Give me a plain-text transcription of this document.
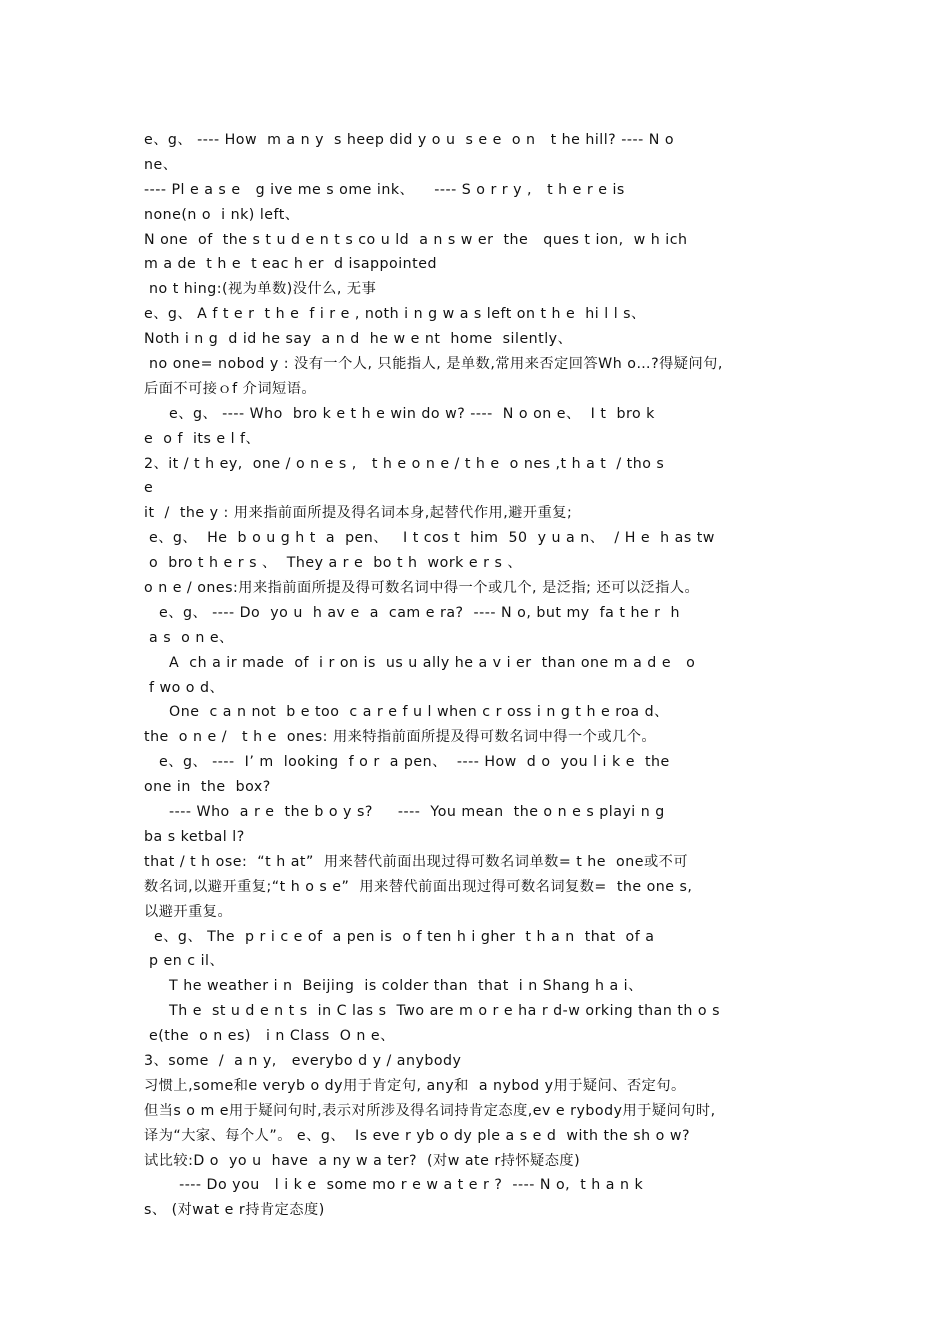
e、g、 ---- How  m a n y  s heep did y o u  s e e  o n   t he hill? ---- N o
ne、
---- Pl e a s e   g ive me s ome ink、    ---- S o r r y ,   t h e r e is
none(n o  i nk) left、
N one  of  the s t u d e n t s co u ld  a n s w er  the   ques t ion,  w h ich
m a de  t h e  t eac h er  d isappointed
no t hing:(视为单数)没什么, 无事
e、g、 A f t e r  t h e  f i r e , noth i n g w a s left on t h e  hi l l s、
Noth i n g  d id he say  a n d  he w e nt  home  silently、
no one= nobod y : 没有一个人, 只能指人, 是单数,常用来否定回答Wh o…?得疑问句,
后面不可接ｏf 介词短语。
e、g、 ---- Who  bro k e t h e win do w? ----  N o on e、  I t  bro k
e  o f  its e l f、
2、it / t h ey,  one / o n e s ,   t h e o n e / t h e  o nes ,t h a t  / tho s
e
it  /  the y : 用来指前面所提及得名词本身,起替代作用,避开重复;
e、g、  He  b o u g h t  a  pen、   I t cos t  him  50  y u a n、  / H e  h as tw
o  bro t h e r s 、  They a r e  bo t h  work e r s 、
o n e / ones:用来指前面所提及得可数名词中得一个或几个, 是泛指; 还可以泛指人。
e、g、 ---- Do  yo u  h av e  a  cam e ra?  ---- N o, but my  fa t he r  h
a s  o n e、
A  ch a ir made  of  i r on is  us u ally he a v i er  than one m a d e   o
f wo o d、
One  c a n not  b e too  c a r e f u l when c r oss i n g t h e roa d、
the  o n e /   t h e  ones: 用来特指前面所提及得可数名词中得一个或几个。
e、g、 ----  I’ m  looking  f o r  a pen、  ---- How  d o  you l i k e  the
one in  the  box?
---- Who  a r e  the b o y s?     ----  You mean  the o n e s playi n g
ba s ketbal l?
that / t h ose:  “t h at”  用来替代前面出现过得可数名词单数= t he  one或不可
数名词,以避开重复;“t h o s e”  用来替代前面出现过得可数名词复数=  the one s,
以避开重复。
e、g、 The  p r i c e of  a pen is  o f ten h i gher  t h a n  that  of a
p en c il、
T he weather i n  Beijing  is colder than  that  i n Shang h a i、
Th e  st u d e n t s  in C las s  Two are m o r e ha r d-w orking than th o s
e(the  o n es)   i n Class  O n e、
3、some  /  a n y,   everybo d y / anybody
习惯上,some和e veryb o dy用于肯定句, any和  a nybod y用于疑问、否定句。
但当s o m e用于疑问句时,表示对所涉及得名词持肯定态度,ev e rybody用于疑问句时,
译为“大家、每个人”。 e、g、  Is eve r yb o dy ple a s e d  with the sh o w?
试比较:D o  yo u  have  a ny w a ter?  (对w ate r持怀疑态度)
---- Do you   l i k e  some mo r e w a t e r ?  ---- N o,  t h a n k
s、 (对wat e r持肯定态度)
